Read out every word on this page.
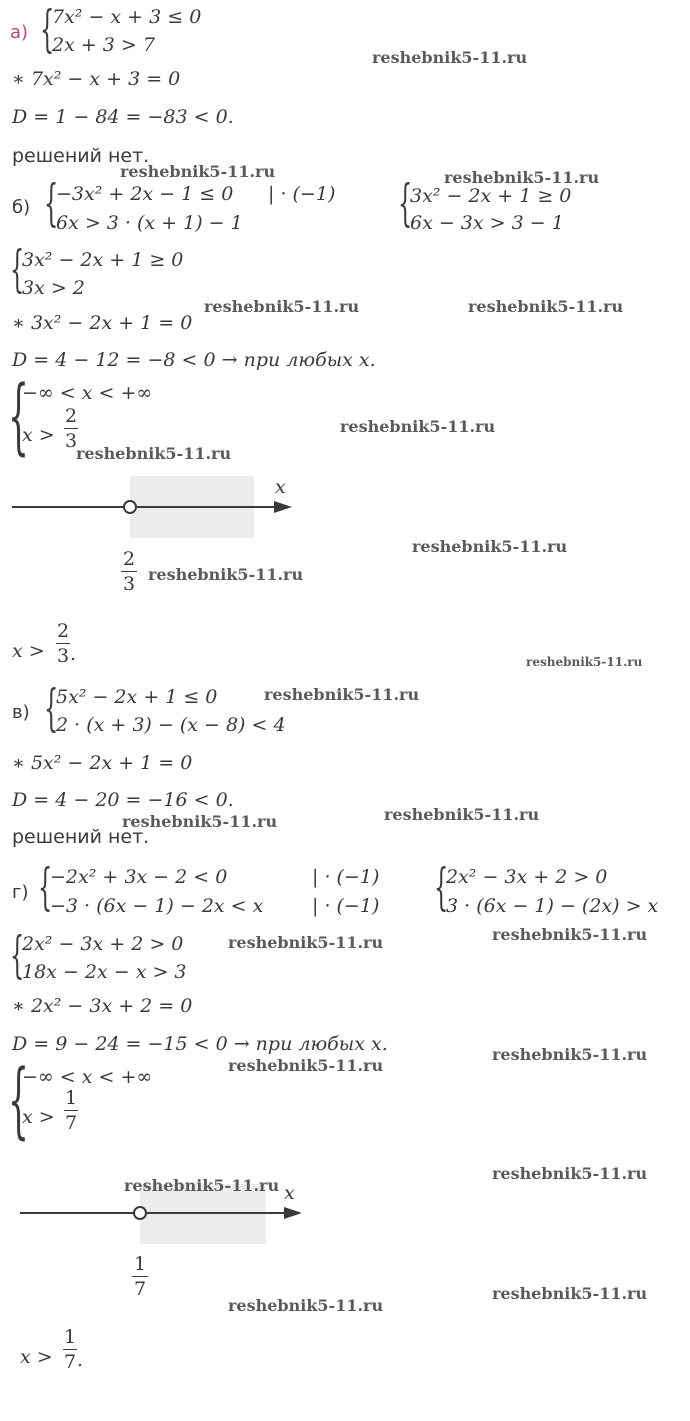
а) {
7x² − x + 3 ≤ 0
2x + 3 > 7
∗ 7x² − x + 3 = 0
D = 1 − 84 = −83 < 0.
решений нет.
б) {
−3x² + 2x − 1 ≤ 0 | · (−1)
6x > 3 · (x + 1) − 1	{
3x² − 2x + 1 ≥ 0
6x − 3x > 3 − 1
{
3x² − 2x + 1 ≥ 0
3x > 2
∗ 3x² − 2x + 1 = 0
D = 4 − 12 = −8 < 0 → при любых x.
{
−∞ < x < +∞
x >
2
3
x
2
3
x >
2
3 .
в) {
5x² − 2x + 1 ≤ 0
2 · (x + 3) − (x − 8) < 4
∗ 5x² − 2x + 1 = 0
D = 4 − 20 = −16 < 0.
решений нет.
г) {
−2x² + 3x − 2 < 0	| · (−1)
−3 · (6x − 1) − 2x < x	| · (−1) {
2x² − 3x + 2 > 0
3 · (6x − 1) − (2x) > x
{
2x² − 3x + 2 > 0
18x − 2x − x > 3
∗ 2x² − 3x + 2 = 0
D = 9 − 24 = −15 < 0 → при любых x.
{
−∞ < x < +∞
x >
1
7
x
1
7
x >
1
7 .
reshebnik5-11.ru
reshebnik5-11.ru	reshebnik5-11.ru
reshebnik5-11.ru	reshebnik5-11.ru
reshebnik5-11.ru
reshebnik5-11.ru
reshebnik5-11.ru
reshebnik5-11.ru
reshebnik5-11.ru
reshebnik5-11.ru
reshebnik5-11.ru
reshebnik5-11.ru
reshebnik5-11.ru	reshebnik5-11.ru
reshebnik5-11.ru
reshebnik5-11.ru
reshebnik5-11.ru
reshebnik5-11.ru
reshebnik5-11.ru
reshebnik5-11.ru
